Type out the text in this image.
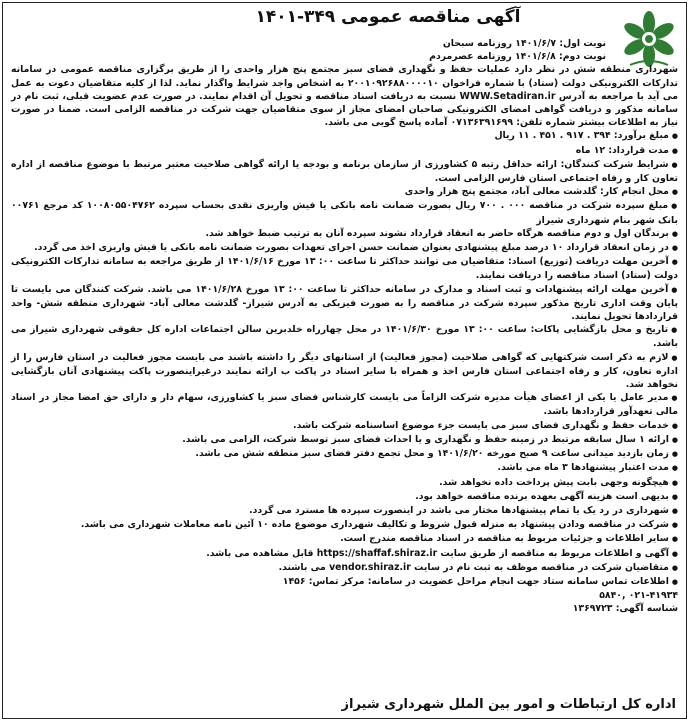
آگهی مناقصه عمومی ۳۴۹-۱۴۰۱

نوبت اول: ۱۴۰۱/۶/۷ روزنامه سبحان

نوبت دوم: ۱۴۰۱/۶/۸ روزنامه عصرمردم

شهرداری منطقه شش در نظر دارد عملیات حفظ و نگهداری فضای سبز مجتمع پنج هزار واحدی را از طریق برگزاری مناقصه عمومی در سامانه تدارکات الکترونیکی دولت (ستاد) با شماره فراخوان ۲۰۰۱۰۹۲۶۸۸۰۰۰۰۱۰ به اشخاص واجد شرایط واگذار نماید. لذا از کلیه متقاضیان دعوت به عمل می آید با مراجعه به آدرس WWW.Setadiran.ir نسبت به دریافت اسناد مناقصه و تحویل آن اقدام نمایند. در صورت عدم عضویت قبلی، ثبت نام در سامانه مذکور و دریافت گواهی امضای الکترونیکی صاحبان امضای مجاز از سوی متقاضیان جهت شرکت در مناقصه الزامی است. ضمنا در صورت نیاز به اطلاعات بیشتر شماره تلفن: ۰۷۱۳۶۳۹۱۶۹۹ آماده پاسخ گویی می باشد.

● مبلغ برآورد: ۳۹۴ . ۹۱۷ . ۴۵۱ . ۱۱ ریال

● مدت قرارداد: ۱۲ ماه

● شرایط شرکت کنندگان: ارائه حداقل رتبه ۵ کشاورزی از سازمان برنامه و بودجه یا ارائه گواهی صلاحیت معتبر مرتبط با موضوع مناقصه از اداره تعاون کار و رفاه اجتماعی استان فارس الزامی است.

● محل انجام کار: گلدشت معالی آباد، مجتمع پنج هزار واحدی

● مبلغ سپرده شرکت در مناقصه ۰۰۰ . ۷۰۰ ریال بصورت ضمانت نامه بانکی یا فیش واریزی نقدی بحساب سپرده ۱۰۰۸۰۵۵۰۴۷۶۲ کد مرجع ۰۰۷۶۱ بانک شهر بنام شهرداری شیراز

● برندگان اول و دوم مناقصه هرگاه حاضر به انعقاد قرارداد نشوند سپرده آنان به ترتیب ضبط خواهد شد.

● در زمان انعقاد قرارداد ۱۰ درصد مبلغ پیشنهادی بعنوان ضمانت حسن اجرای تعهدات بصورت ضمانت نامه بانکی یا فیش واریزی اخذ می گردد.

● آخرین مهلت دریافت (توزیع) اسناد: متقاضیان می توانند حداکثر تا ساعت ۰۰: ۱۳ مورخ ۱۴۰۱/۶/۱۶ از طریق مراجعه به سامانه تدارکات الکترونیکی دولت (ستاد) اسناد مناقصه را دریافت نمایند.

● آخرین مهلت ارائه پیشنهادات و ثبت اسناد و مدارک در سامانه حداکثر تا ساعت ۰۰: ۱۳ مورخ ۱۴۰۱/۶/۲۸ می باشد. شرکت کنندگان می بایست تا پایان وقت اداری تاریخ مذکور سپرده شرکت در مناقصه را به صورت فیزیکی به آدرس شیراز- گلدشت معالی آباد- شهرداری منطقه شش- واحد قراردادها تحویل نمایند.

● تاریخ و محل بازگشایی پاکات: ساعت ۰۰: ۱۳ مورخ ۱۴۰۱/۶/۳۰ در محل چهارراه خلدبرین سالن اجتماعات اداره کل حقوقی شهرداری شیراز می باشد.

● لازم به ذکر است شرکتهایی که گواهی صلاحیت (مجوز فعالیت) از استانهای دیگر را داشته باشند می بایست مجوز فعالیت در استان فارس را از اداره تعاون، کار و رفاه اجتماعی استان فارس اخذ و همراه با سایر اسناد در پاکت ب ارائه نمایند درغیراینصورت پاکت پیشنهادی آنان بازگشایی نخواهد شد.

● مدیر عامل یا یکی از اعضای هیأت مدیره شرکت الزاماً می بایست کارشناس فضای سبز یا کشاورزی، سهام دار و دارای حق امضا مجاز در اسناد مالی تعهدآور قراردادها باشد.

● خدمات حفظ و نگهداری فضای سبز می بایست جزء موضوع اساسنامه شرکت باشد.

● ارائه ۱ سال سابقه مرتبط در زمینه حفظ و نگهداری و یا احداث فضای سبز توسط شرکت، الزامی می باشد.

● زمان بازدید میدانی ساعت ۹ صبح مورخه ۱۴۰۱/۶/۲۰ و محل تجمع دفتر فضای سبز منطقه شش می باشد.

● مدت اعتبار پیشنهادها ۳ ماه می باشد.

● هیچگونه وجهی بابت پیش پرداخت داده نخواهد شد.

● بدیهی است هزینه آگهی بعهده برنده مناقصه خواهد بود.

● شهرداری در رد یک یا تمام پیشنهادها مختار می باشد در اینصورت سپرده ها مسترد می گردد.

● شرکت در مناقصه ودادن پیشنهاد به منزله قبول شروط و تکالیف شهرداری موضوع ماده ۱۰ آئین نامه معاملات شهرداری می باشد.

● سایر اطلاعات و جزئیات مربوط به مناقصه در اسناد مناقصه مندرج است.

● آگهی و اطلاعات مربوط به مناقصه از طریق سایت https://shaffaf.shiraz.ir قابل مشاهده می باشد.

● متقاضیان شرکت در مناقصه موظف به ثبت نام در سایت vendor.shiraz.ir می باشند.

● اطلاعات تماس سامانه ستاد جهت انجام مراحل عضویت در سامانه: مرکز تماس: ۱۴۵۶

۰۲۱-۴۱۹۳۴ ,۵۸۴۰

شناسه آگهی: ۱۳۶۹۷۲۳

اداره کل ارتباطات و امور بین الملل شهرداری شیراز
